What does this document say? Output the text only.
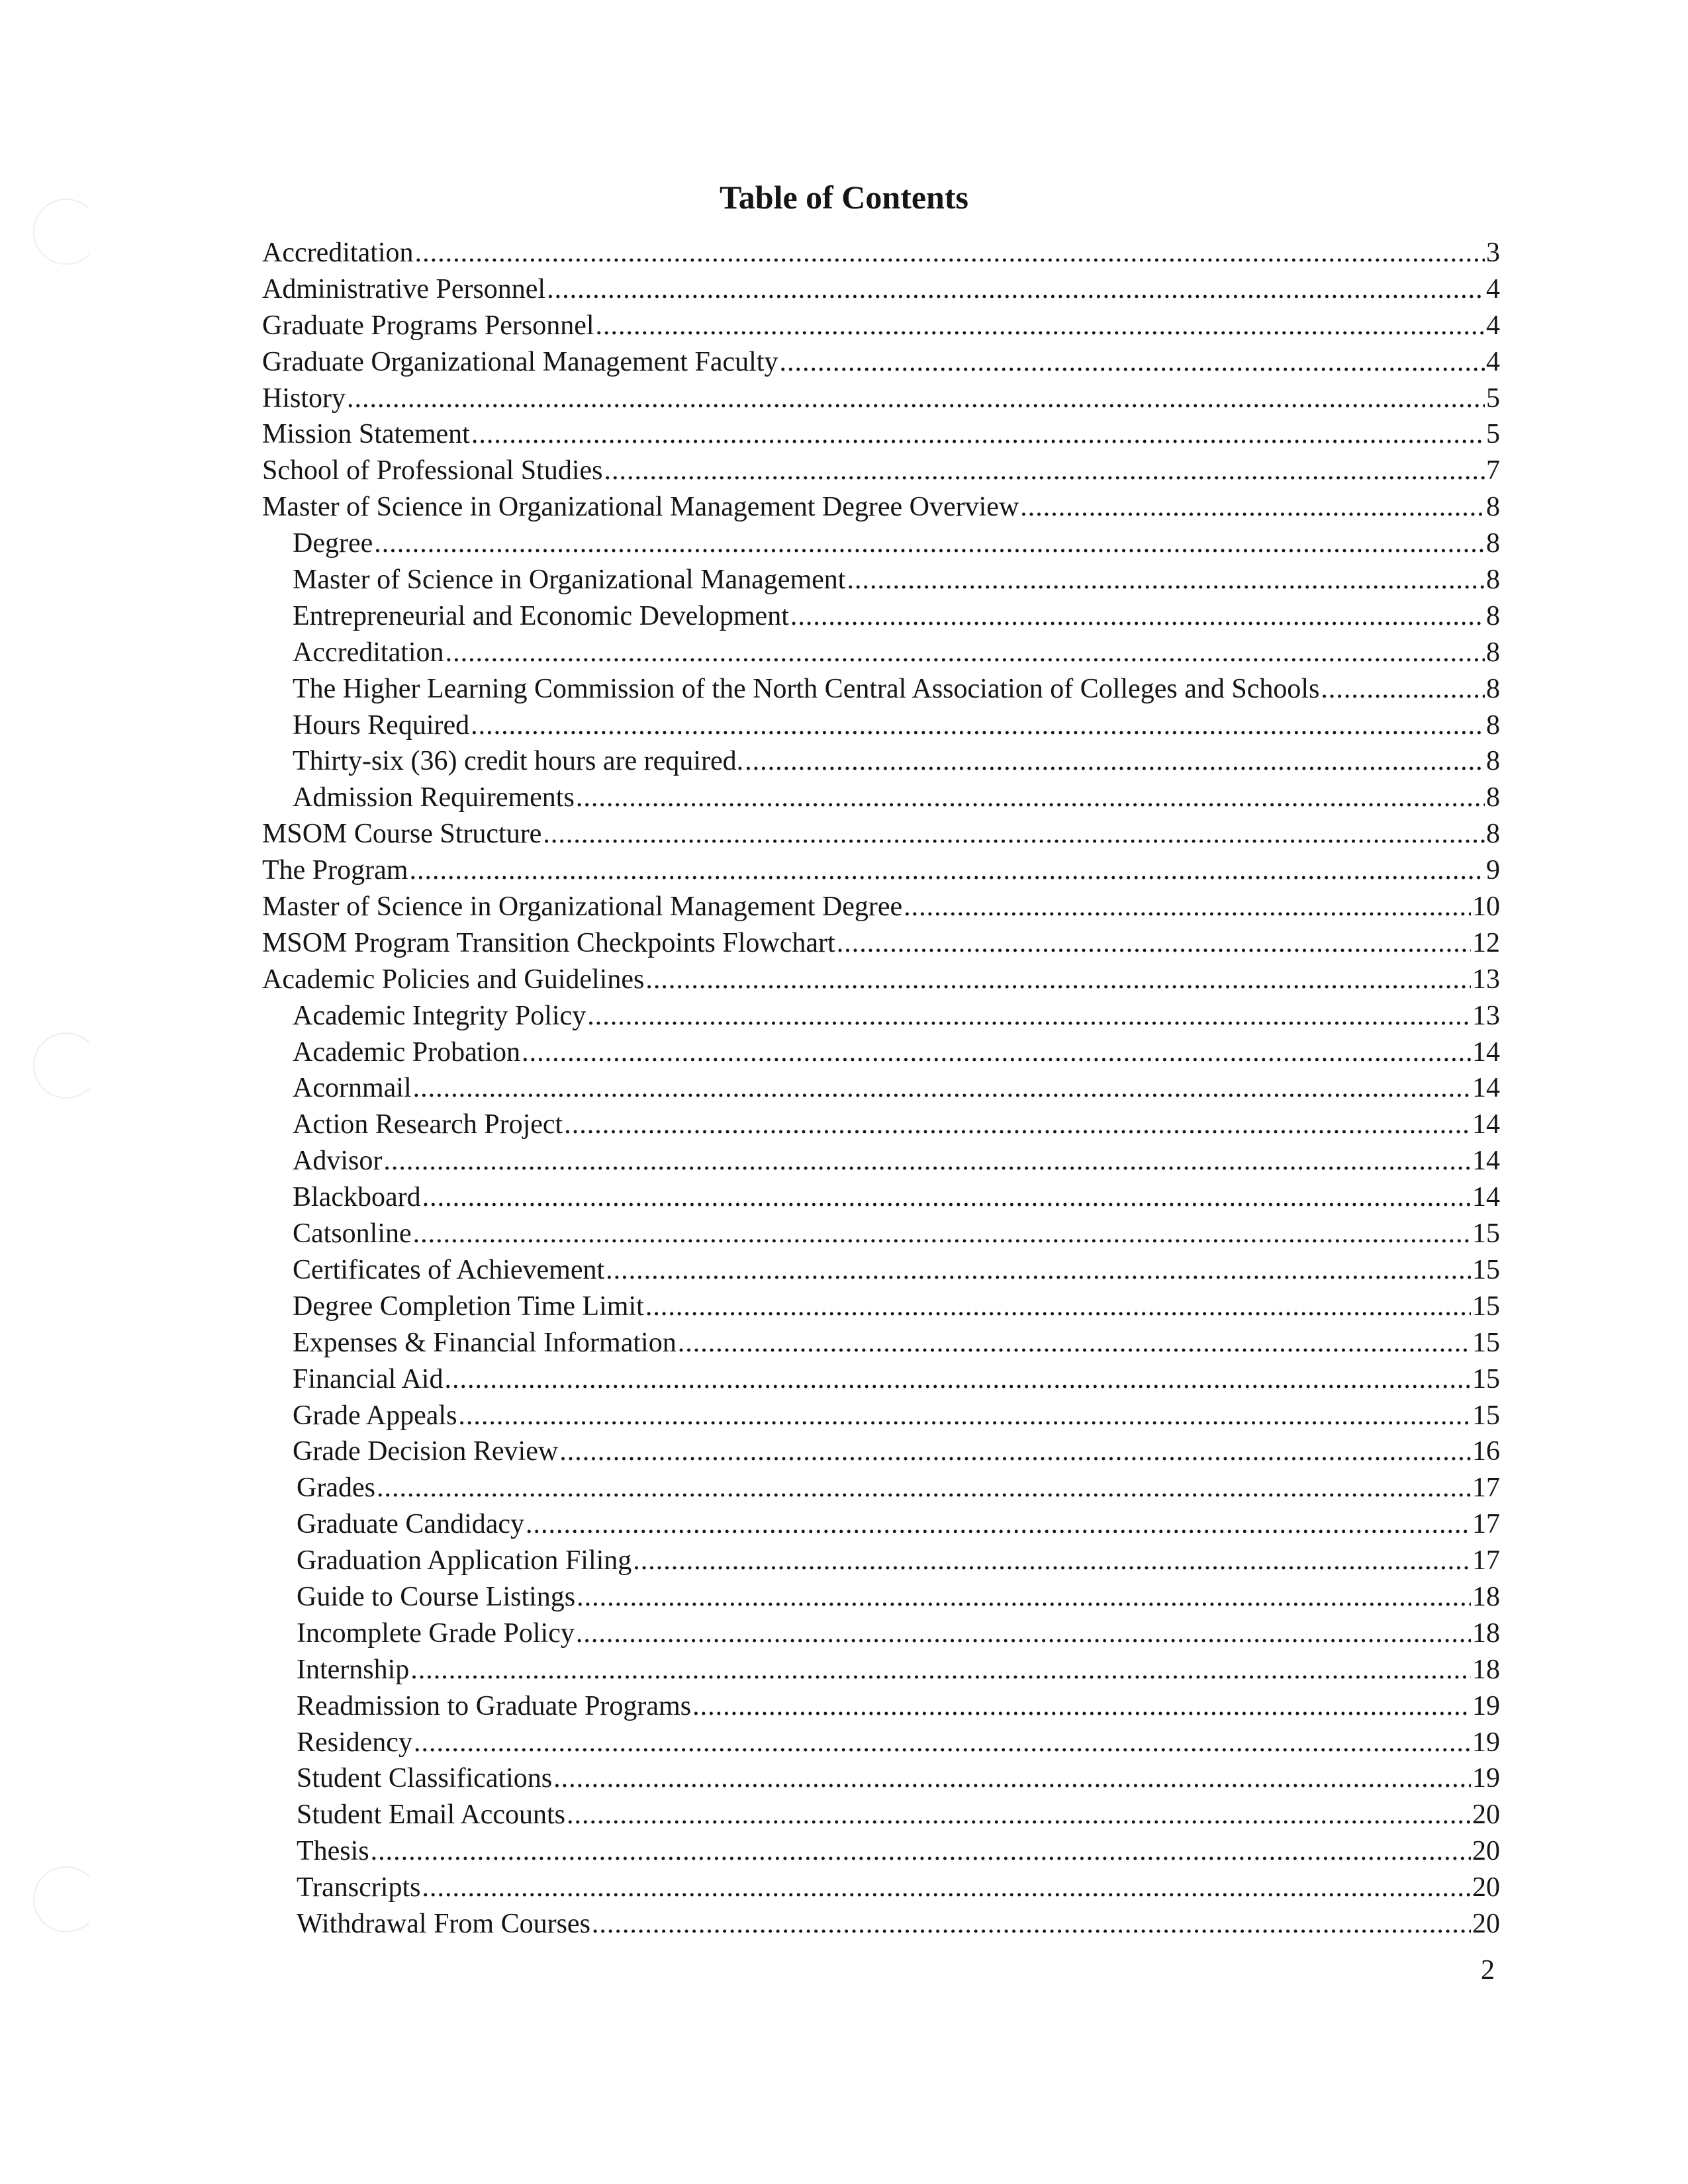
Table of Contents
Accreditation .....	3
Administrative Personnel .....	4
Graduate Programs Personnel .....	4
Graduate Organizational Management Faculty .....	4
History .....	5
Mission Statement .....	5
School of Professional Studies .....	7
Master of Science in Organizational Management Degree Overview .....	8
Degree .....	8
Master of Science in Organizational Management .....	8
Entrepreneurial and Economic Development .....	8
Accreditation .....	8
The Higher Learning Commission of the North Central Association of Colleges and Schools .....	8
Hours Required .....	8
Thirty-six (36) credit hours are required. .....	8
Admission Requirements .....	8
MSOM Course Structure .....	8
The Program .....	9
Master of Science in Organizational Management Degree .....	10
MSOM Program Transition Checkpoints Flowchart .....	12
Academic Policies and Guidelines .....	13
Academic Integrity Policy .....	13
Academic Probation .....	14
Acornmail .....	14
Action Research Project .....	14
Advisor .....	14
Blackboard .....	14
Catsonline .....	15
Certificates of Achievement .....	15
Degree Completion Time Limit .....	15
Expenses & Financial Information .....	15
Financial Aid .....	15
Grade Appeals .....	15
Grade Decision Review .....	16
Grades .....	17
Graduate Candidacy .....	17
Graduation Application Filing .....	17
Guide to Course Listings .....	18
Incomplete Grade Policy .....	18
Internship .....	18
Readmission to Graduate Programs .....	19
Residency .....	19
Student Classifications .....	19
Student Email Accounts .....	20
Thesis .....	20
Transcripts .....	20
Withdrawal From Courses .....	20
2
